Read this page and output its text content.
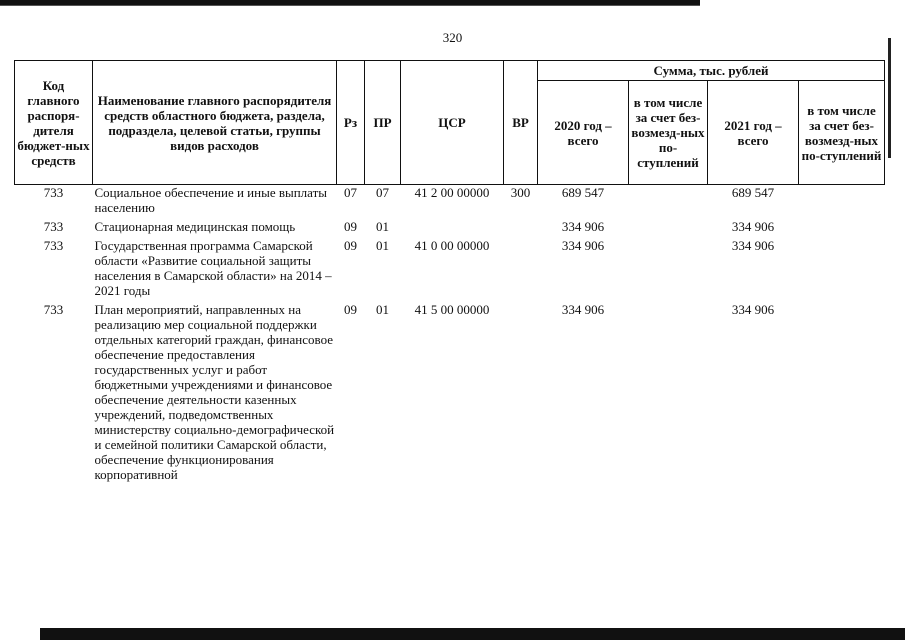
320
Код главного распоря-дителя бюджет-ных средств	Наименование главного распорядителя средств областного бюджета, раздела, подраздела, целевой статьи, группы видов расходов	Рз	ПР	ЦСР	ВР	Сумма, тыс. рублей			
						2020 год – всего	в том числе за счет без-возмезд-ных по-ступлений	2021 год – всего	в том числе за счет без-возмезд-ных по-ступлений
733	Социальное обеспечение и иные выплаты населению	07	07	41 2 00 00000	300	689 547		689 547	
733	Стационарная медицинская помощь	09	01			334 906		334 906	
733	Государственная программа Самарской области «Развитие социальной защиты населения в Самарской области» на 2014 – 2021 годы	09	01	41 0 00 00000		334 906		334 906	
733	План мероприятий, направленных на реализацию мер социальной поддержки отдельных категорий граждан, финансовое обеспечение предоставления государственных услуг и работ бюджетными учреждениями и финансовое обеспечение деятельности казенных учреждений, подведомственных министерству социально-демографической и семейной политики Самарской области, обеспечение функционирования корпоративной	09	01	41 5 00 00000		334 906		334 906	
